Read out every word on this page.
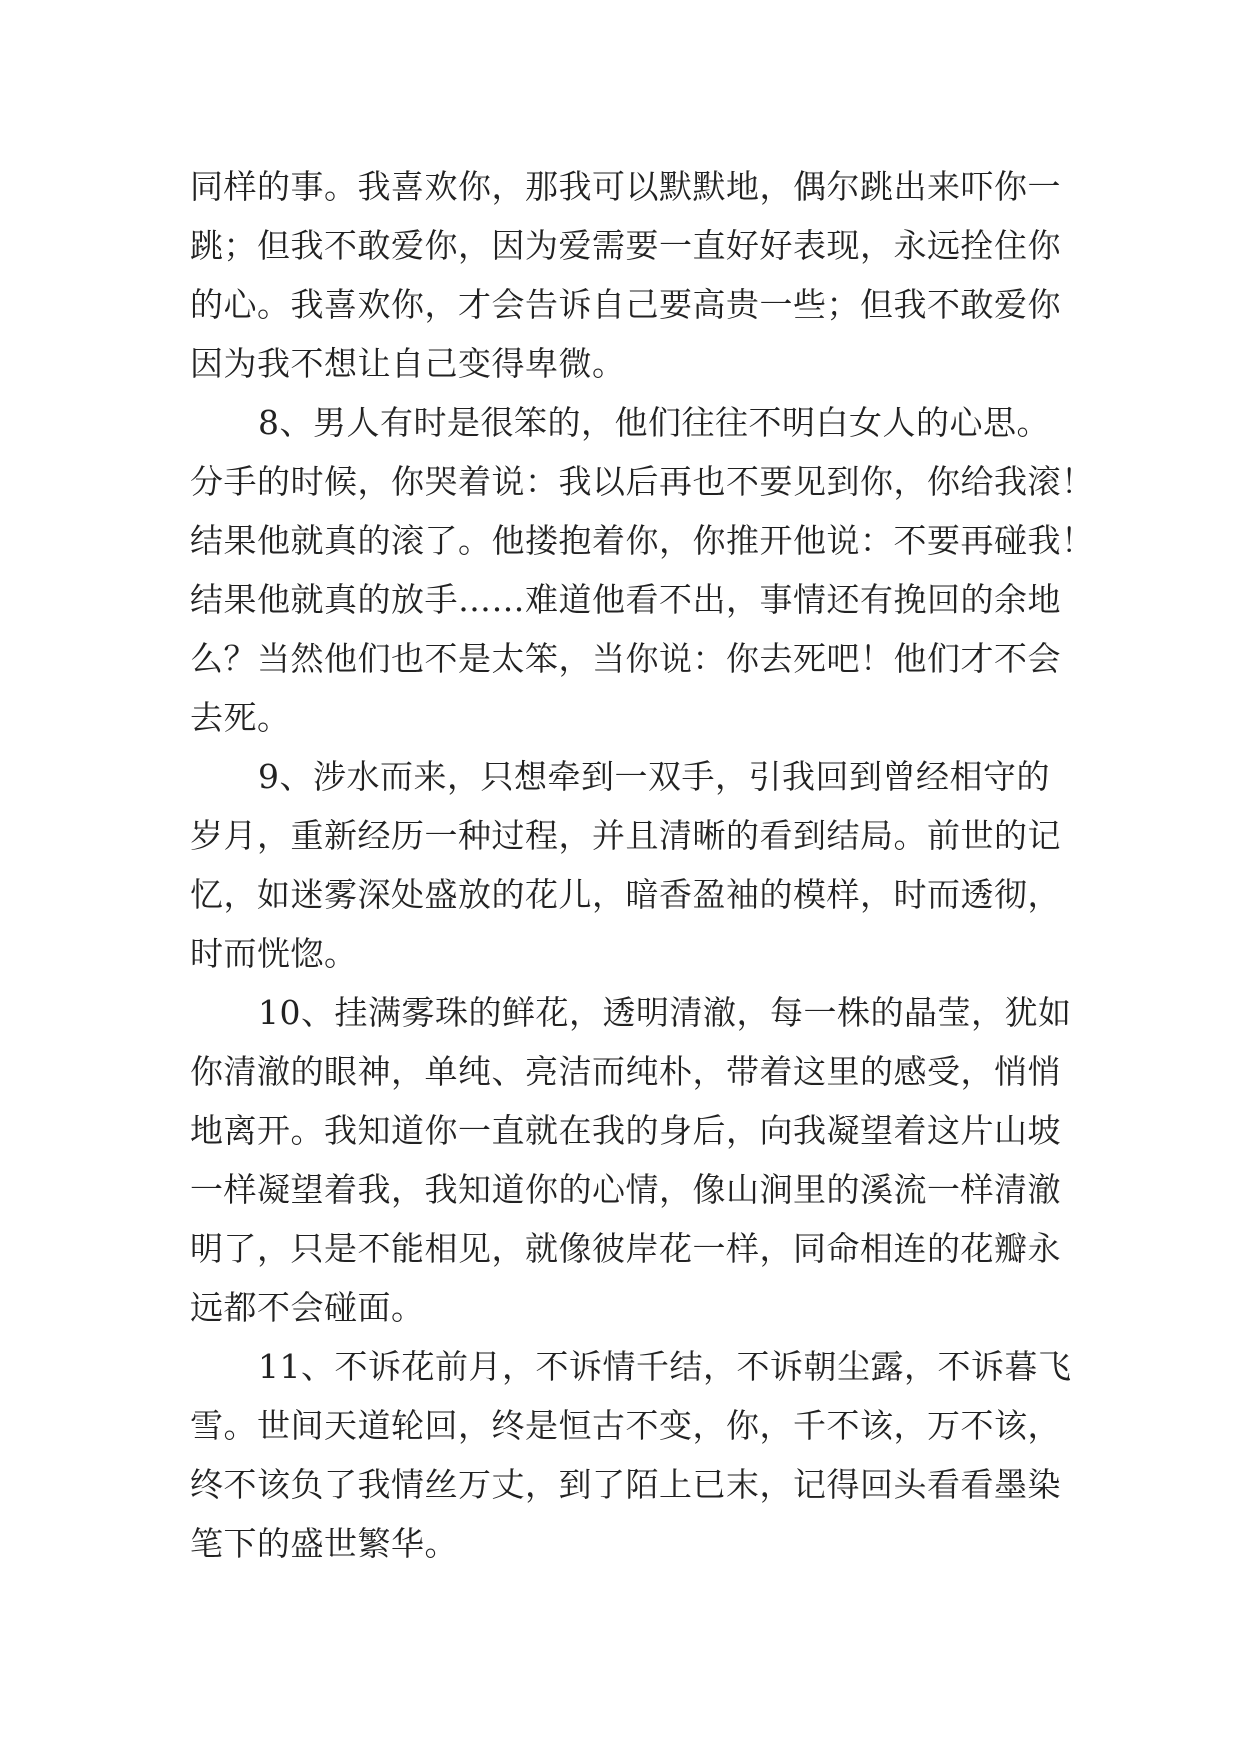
同样的事。我喜欢你，那我可以默默地，偶尔跳出来吓你一
跳；但我不敢爱你，因为爱需要一直好好表现，永远拴住你
的心。我喜欢你，才会告诉自己要高贵一些；但我不敢爱你
因为我不想让自己变得卑微。
8、男人有时是很笨的，他们往往不明白女人的心思。
分手的时候，你哭着说：我以后再也不要见到你，你给我滚！
结果他就真的滚了。他搂抱着你，你推开他说：不要再碰我！
结果他就真的放手……难道他看不出，事情还有挽回的余地
么？当然他们也不是太笨，当你说：你去死吧！他们才不会
去死。
9、涉水而来，只想牵到一双手，引我回到曾经相守的
岁月，重新经历一种过程，并且清晰的看到结局。前世的记
忆，如迷雾深处盛放的花儿，暗香盈袖的模样，时而透彻，
时而恍惚。
10、挂满雾珠的鲜花，透明清澈，每一株的晶莹，犹如
你清澈的眼神，单纯、亮洁而纯朴，带着这里的感受，悄悄
地离开。我知道你一直就在我的身后，向我凝望着这片山坡
一样凝望着我，我知道你的心情，像山涧里的溪流一样清澈
明了，只是不能相见，就像彼岸花一样，同命相连的花瓣永
远都不会碰面。
11、不诉花前月，不诉情千结，不诉朝尘露，不诉暮飞
雪。世间天道轮回，终是恒古不变，你，千不该，万不该，
终不该负了我情丝万丈，到了陌上已末，记得回头看看墨染
笔下的盛世繁华。
